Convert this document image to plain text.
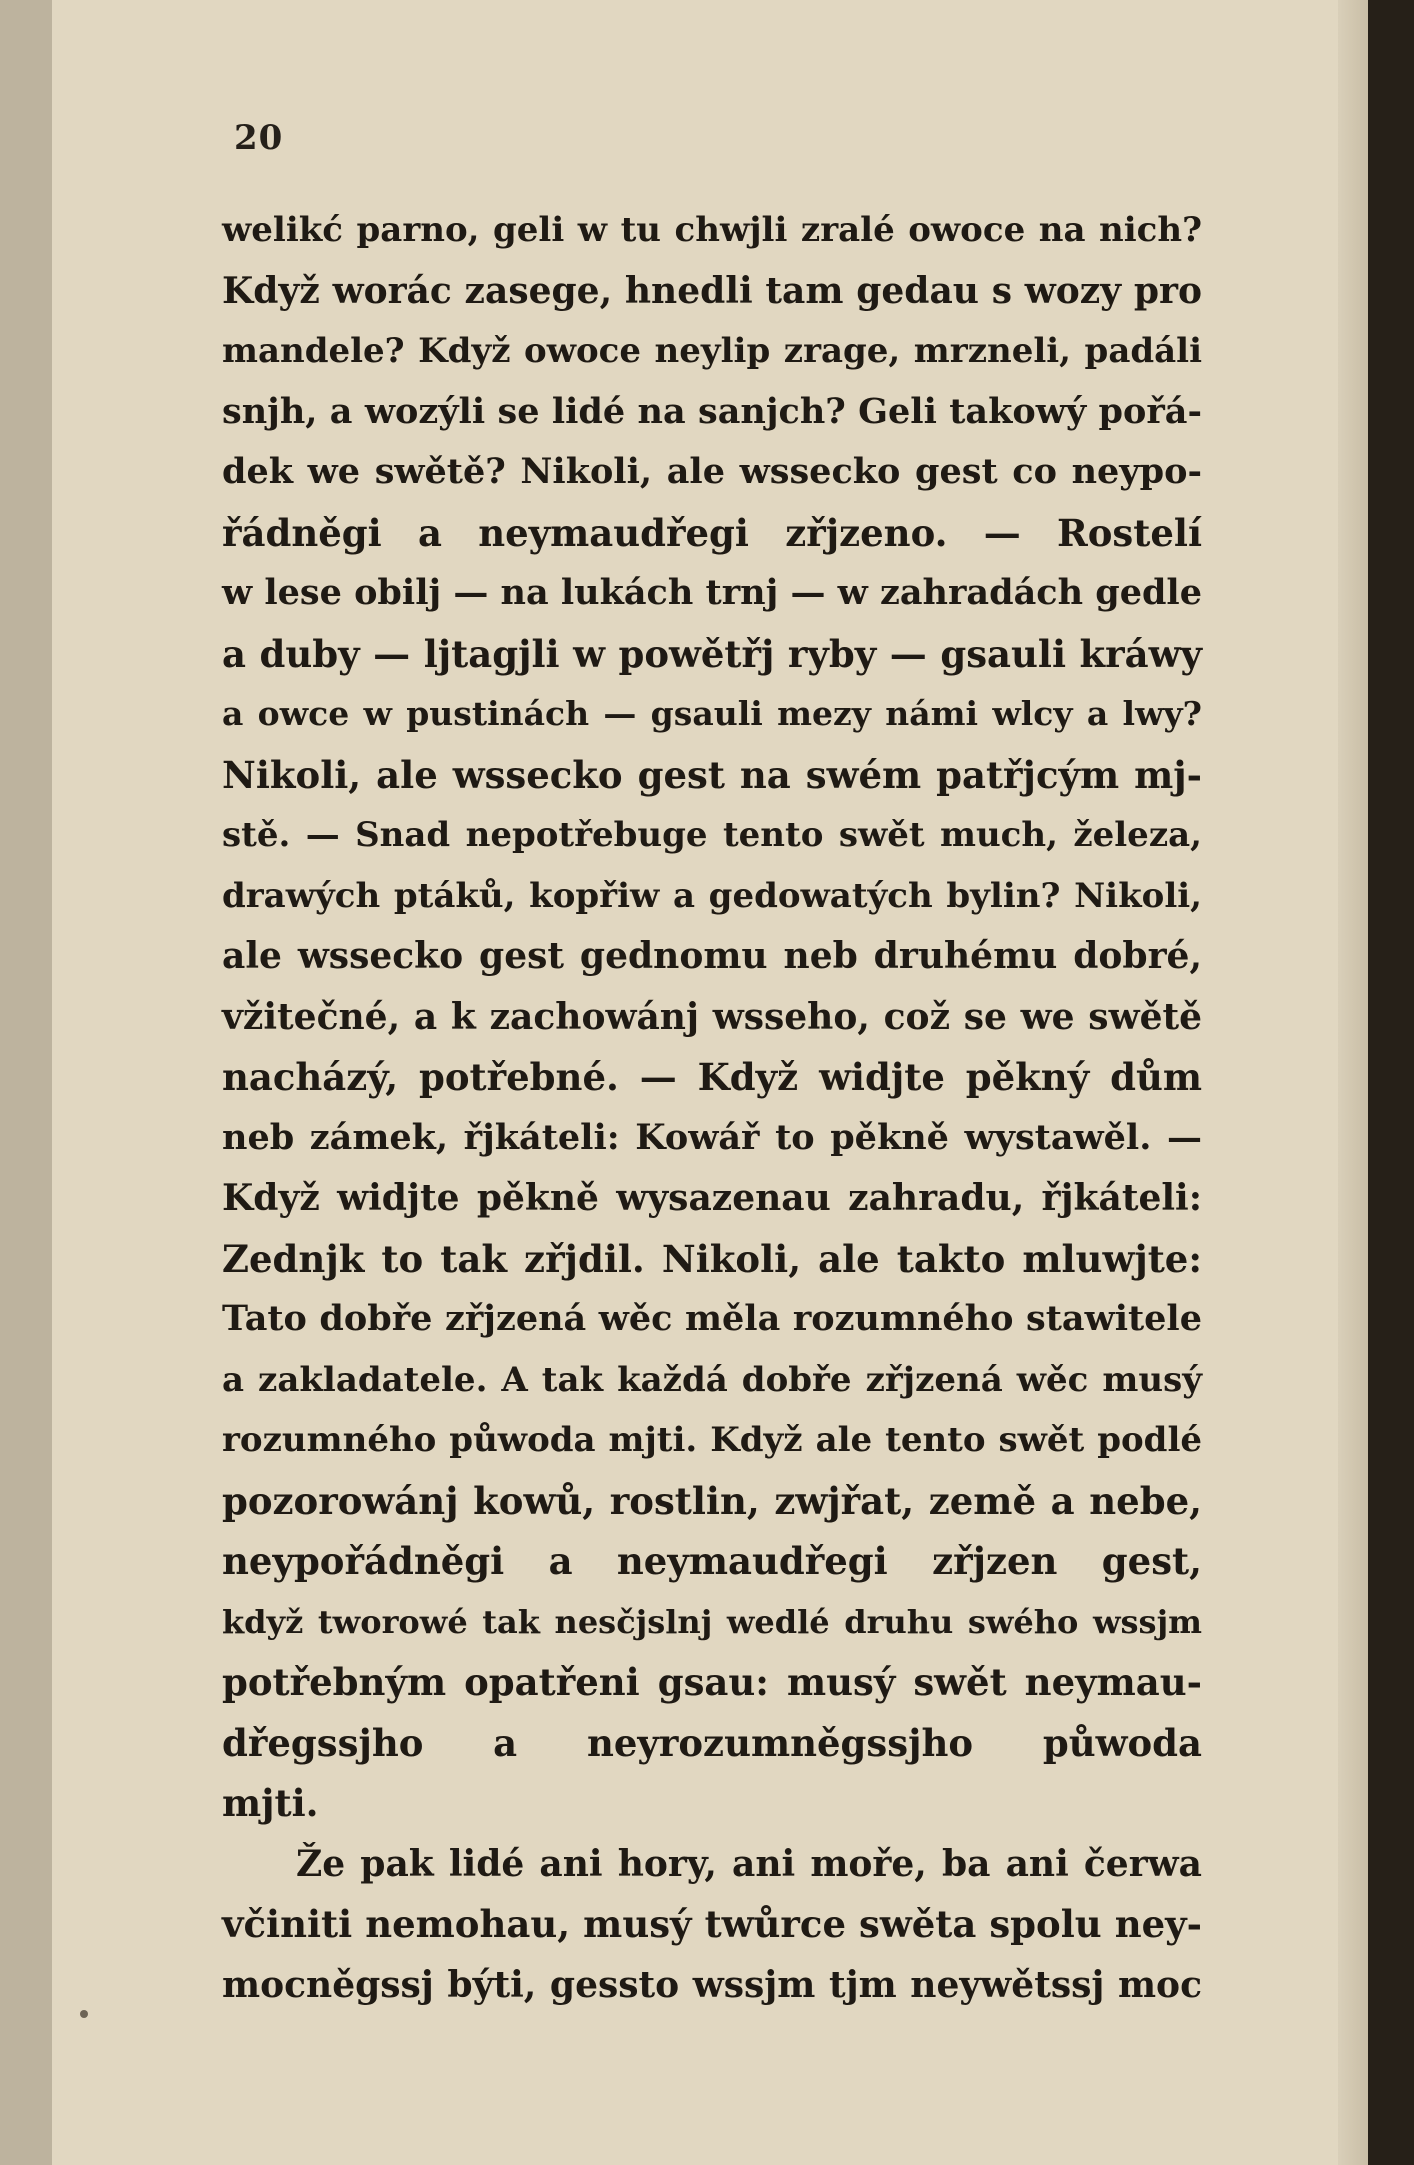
20
welikć parno, geli w tu chwjli zralé owoce na nich?
Když worác zasege, hnedli tam gedau s wozy pro
mandele? Když owoce neylip zrage, mrzneli, padáli
snjh, a wozýli se lidé na sanjch? Geli takowý pořá-
dek we swětě? Nikoli, ale wssecko gest co neypo-
řádněgi a neymaudřegi zřjzeno. — Rostelí
w lese obilj — na lukách trnj — w zahradách gedle
a duby — ljtagjli w powětřj ryby — gsauli kráwy
a owce w pustinách — gsauli mezy námi wlcy a lwy?
Nikoli, ale wssecko gest na swém patřjcým mj-
stě. — Snad nepotřebuge tento swět much, železa,
drawých ptáků, kopřiw a gedowatých bylin? Nikoli,
ale wssecko gest gednomu neb druhému dobré,
vžitečné, a k zachowánj wsseho, což se we swětě
nacházý, potřebné. — Když widjte pěkný dům
neb zámek, řjkáteli: Kowář to pěkně wystawěl. —
Když widjte pěkně wysazenau zahradu, řjkáteli:
Zednjk to tak zřjdil. Nikoli, ale takto mluwjte:
Tato dobře zřjzená wěc měla rozumného stawitele
a zakladatele. A tak každá dobře zřjzená wěc musý
rozumného půwoda mjti. Když ale tento swět podlé
pozorowánj kowů, rostlin, zwjřat, země a nebe,
neypořádněgi a neymaudřegi zřjzen gest,
když tworowé tak nesčjslnj wedlé druhu swého wssjm
potřebným opatřeni gsau: musý swět neymau-
dřegssjho a neyrozumněgssjho půwoda
mjti.
Že pak lidé ani hory, ani moře, ba ani čerwa
včiniti nemohau, musý twůrce swěta spolu ney-
mocněgssj býti, gessto wssjm tjm neywětssj moc
